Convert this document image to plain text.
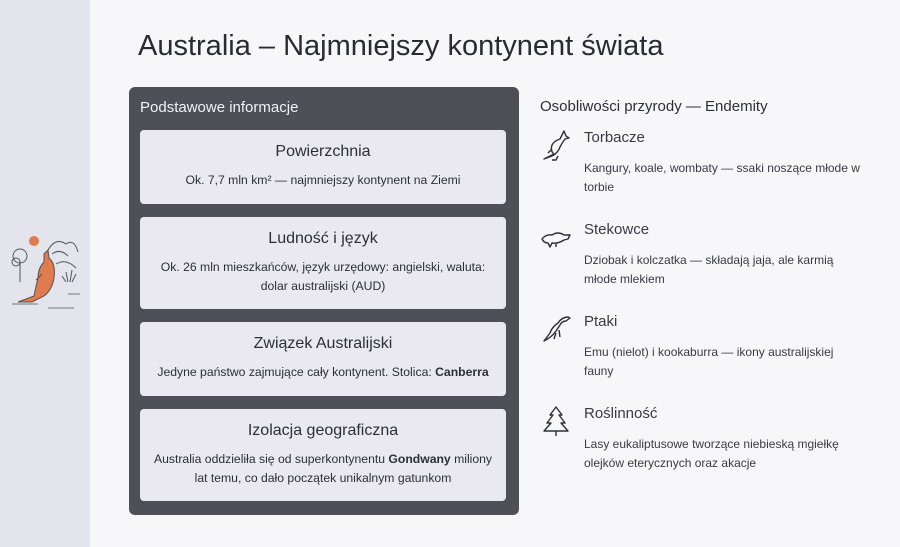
Australia – Najmniejszy kontynent świata
Podstawowe informacje
Powierzchnia
Ok. 7,7 mln km² — najmniejszy kontynent na Ziemi
Ludność i język
Ok. 26 mln mieszkańców, język urzędowy: angielski, waluta: dolar australijski (AUD)
Związek Australijski
Jedyne państwo zajmujące cały kontynent. Stolica: Canberra
Izolacja geograficzna
Australia oddzieliła się od superkontynentu Gondwany miliony lat temu, co dało początek unikalnym gatunkom
Osobliwości przyrody — Endemity
Torbacze
Kangury, koale, wombaty — ssaki noszące młode w torbie
Stekowce
Dziobak i kolczatka — składają jaja, ale karmią młode mlekiem
Ptaki
Emu (nielot) i kookaburra — ikony australijskiej fauny
Roślinność
Lasy eukaliptusowe tworzące niebieską mgiełkę olejków eterycznych oraz akacje
